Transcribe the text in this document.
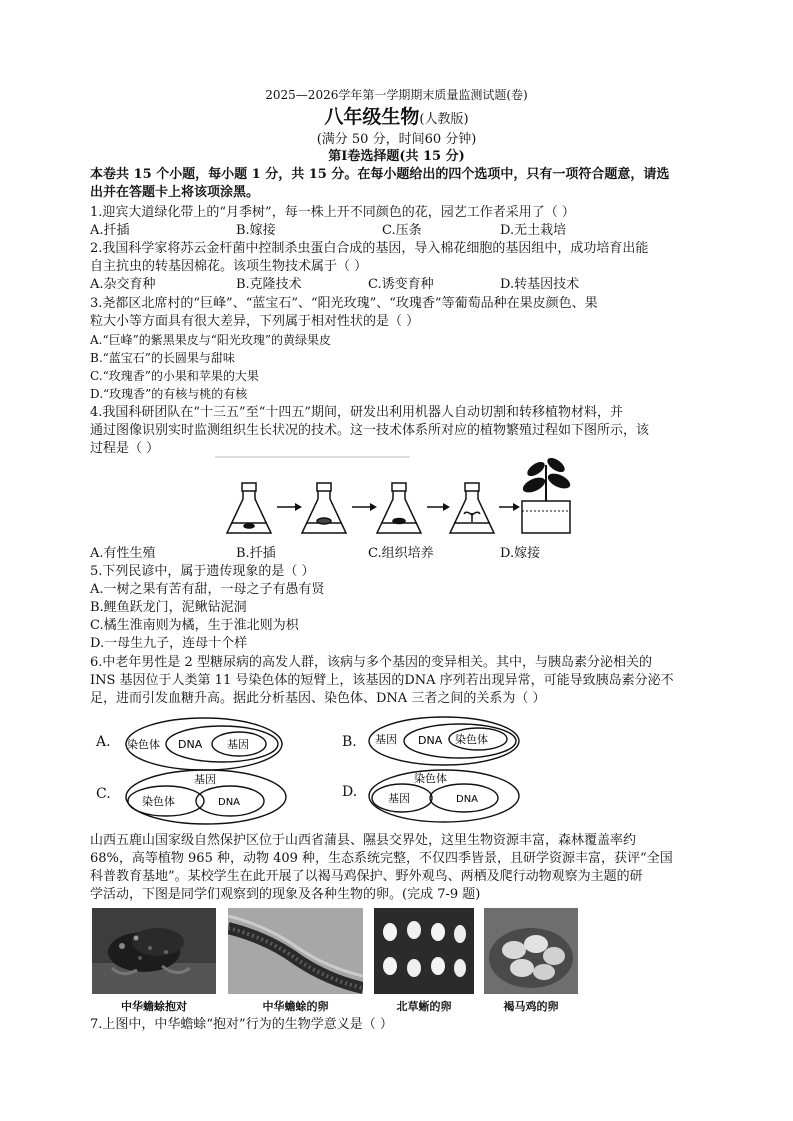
2025—2026学年第一学期期末质量监测试题(卷)
八年级生物(人教版)
(满分 50 分，时间60 分钟)
第Ⅰ卷选择题(共 15 分)
本卷共 15 个小题，每小题 1 分，共 15 分。在每小题给出的四个选项中，只有一项符合题意，请选
出并在答题卡上将该项涂黑。
1.迎宾大道绿化带上的“月季树”，每一株上开不同颜色的花，园艺工作者采用了（ ）
A.扦插	B.嫁接	C.压条	D.无土栽培
2.我国科学家将苏云金杆菌中控制杀虫蛋白合成的基因，导入棉花细胞的基因组中，成功培育出能
自主抗虫的转基因棉花。该项生物技术属于（ ）
A.杂交育种	B.克隆技术	C.诱变育种	D.转基因技术
3.尧都区北席村的“巨峰”、“蓝宝石”、“阳光玫瑰”、“玫瑰香”等葡萄品种在果皮颜色、果
粒大小等方面具有很大差异，下列属于相对性状的是（ ）
A.“巨峰”的紫黑果皮与“阳光玫瑰”的黄绿果皮
B.“蓝宝石”的长圆果与甜味
C.“玫瑰香”的小果和苹果的大果
D.“玫瑰香”的有核与桃的有核
4.我国科研团队在“十三五”至“十四五”期间，研发出利用机器人自动切割和转移植物材料，并
通过图像识别实时监测组织生长状况的技术。这一技术体系所对应的植物繁殖过程如下图所示，该
过程是（ ）
A.有性生殖	B.扦插	C.组织培养	D.嫁接
5.下列民谚中，属于遗传现象的是（ ）
A.一树之果有苦有甜，一母之子有愚有贤
B.鲤鱼跃龙门，泥鳅钻泥洞
C.橘生淮南则为橘，生于淮北则为枳
D.一母生九子，连母十个样
6.中老年男性是 2 型糖尿病的高发人群，该病与多个基因的变异相关。其中，与胰岛素分泌相关的
INS 基因位于人类第 11 号染色体的短臂上，该基因的DNA 序列若出现异常，可能导致胰岛素分泌不
足，进而引发血糖升高。据此分析基因、染色体、DNA 三者之间的关系为（ ）
A. 染色体 DNA 基因	B. 基因 DNA 染色体
C.
基因
染色体	DNA
D.
染色体
基因	DNA
山西五鹿山国家级自然保护区位于山西省蒲县、隰县交界处，这里生物资源丰富，森林覆盖率约
68%，高等植物 965 种，动物 409 种，生态系统完整，不仅四季皆景，且研学资源丰富，获评“全国
科普教育基地”。某校学生在此开展了以褐马鸡保护、野外观鸟、两栖及爬行动物观察为主题的研
学活动，下图是同学们观察到的现象及各种生物的卵。(完成 7-9 题)
中华蟾蜍抱对	中华蟾蜍的卵	北草蜥的卵	褐马鸡的卵
7.上图中，中华蟾蜍“抱对”行为的生物学意义是（ ）
